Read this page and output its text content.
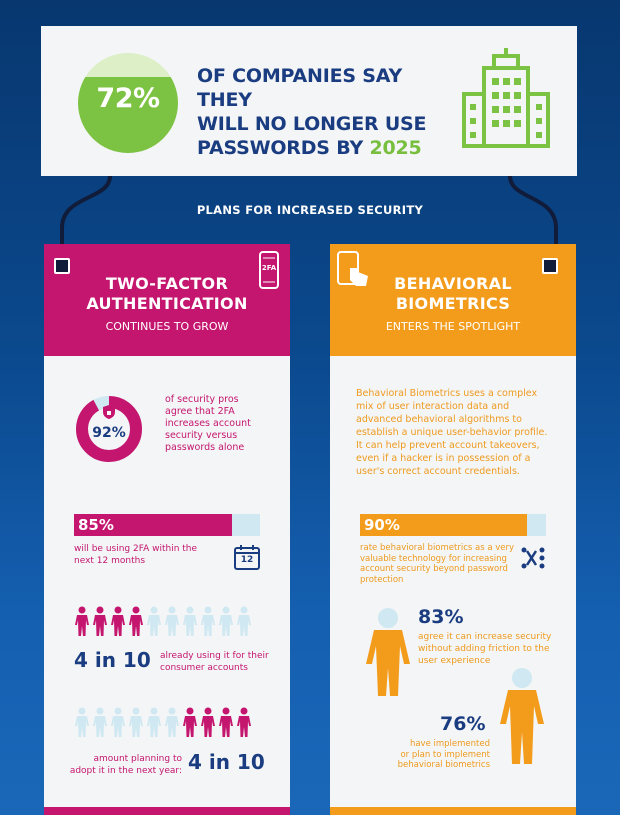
72%
OF COMPANIES SAY THEY
WILL NO LONGER USE
PASSWORDS BY 2025
PLANS FOR INCREASED SECURITY
TWO-FACTOR
AUTHENTICATION
CONTINUES TO GROW
2FA
92%
of security pros
agree that 2FA
increases account
security versus
passwords alone
85%
will be using 2FA within the
next 12 months	12
4 in 10 already using it for their
consumer accounts
amount planning to
adopt it in the next year: 4 in 10
BEHAVIORAL
BIOMETRICS
ENTERS THE SPOTLIGHT
Behavioral Biometrics uses a complex
mix of user interaction data and
advanced behavioral algorithms to
establish a unique user-behavior profile.
It can help prevent account takeovers,
even if a hacker is in possession of a
user's correct account credentials.
90%
rate behavioral biometrics as a very
valuable technology for increasing
account security beyond password
protection
83%
agree it can increase security
without adding friction to the
user experience
76%
have implemented
or plan to implement
behavioral biometrics
